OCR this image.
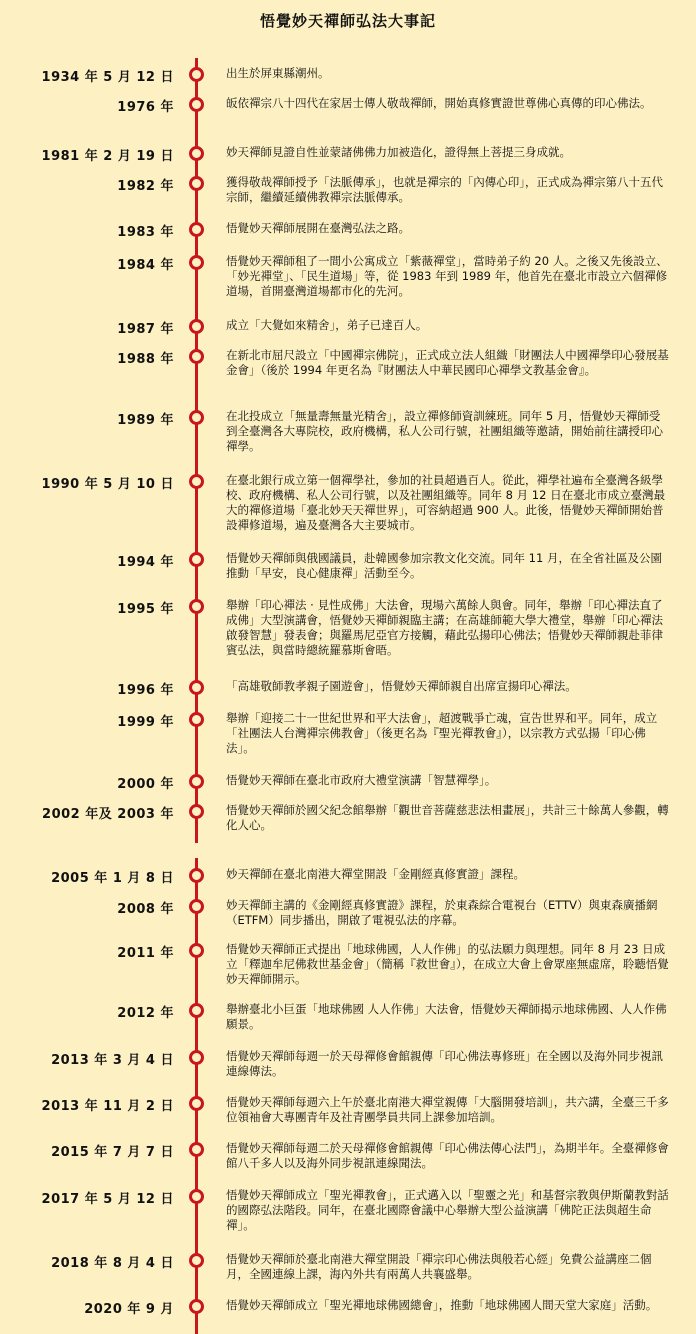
悟覺妙天禪師弘法大事記
1934 年 5 月 12 日	出生於屏東縣潮州。
1976 年	皈依禪宗八十四代在家居士傳人敬哉禪師，開始真修實證世尊佛心真傳的印心佛法。
1981 年 2 月 19 日	妙天禪師見證自性並蒙諸佛佛力加被造化，證得無上菩提三身成就。
1982 年	獲得敬哉禪師授予「法脈傳承」，也就是禪宗的「內傳心印」，正式成為禪宗第八十五代宗師，繼續延續佛教禪宗法脈傳承。
1983 年	悟覺妙天禪師展開在臺灣弘法之路。
1984 年	悟覺妙天禪師租了一間小公寓成立「紫薇禪堂」，當時弟子約 20 人。之後又先後設立、「妙光禪堂」、「民生道場」等，從 1983 年到 1989 年，他首先在臺北市設立六個禪修道場，首開臺灣道場都市化的先河。
1987 年	成立「大覺如來精舍」，弟子已達百人。
1988 年	在新北市屈尺設立「中國禪宗佛院」，正式成立法人組織「財團法人中國禪學印心發展基金會」（後於 1994 年更名為『財團法人中華民國印心禪學文教基金會』。
1989 年	在北投成立「無量壽無量光精舍」，設立禪修師資訓練班。同年 5 月，悟覺妙天禪師受到全臺灣各大專院校，政府機構，私人公司行號，社團組織等邀請，開始前往講授印心禪學。
1990 年 5 月 10 日	在臺北銀行成立第一個禪學社，參加的社員超過百人。從此，禪學社遍布全臺灣各級學校、政府機構、私人公司行號，以及社團組織等。同年 8 月 12 日在臺北市成立臺灣最大的禪修道場「臺北妙天天禪世界」，可容納超過 900 人。此後，悟覺妙天禪師開始普設禪修道場，遍及臺灣各大主要城市。
1994 年	悟覺妙天禪師與俄國議員，赴韓國參加宗教文化交流。同年 11 月，在全省社區及公園推動「早安，良心健康禪」活動至今。
1995 年	舉辦「印心禪法 · 見性成佛」大法會，現場六萬餘人與會。同年，舉辦「印心禪法直了成佛」大型演講會，悟覺妙天禪師親臨主講；在高雄師範大學大禮堂，舉辦「印心禪法　啟發智慧」發表會；與羅馬尼亞官方接觸，藉此弘揚印心佛法；悟覺妙天禪師親赴菲律賓弘法，與當時總統羅慕斯會晤。
1996 年	「高雄敬師教孝親子園遊會」，悟覺妙天禪師親自出席宣揚印心禪法。
1999 年	舉辦「迎接二十一世紀世界和平大法會」，超渡戰爭亡魂，宣告世界和平。同年，成立「社團法人台灣禪宗佛教會」（後更名為『聖光禪教會』），以宗教方式弘揚「印心佛法」。
2000 年	悟覺妙天禪師在臺北市政府大禮堂演講「智慧禪學」。
2002 年及 2003 年	悟覺妙天禪師於國父紀念館舉辦「觀世音菩薩慈悲法相畫展」，共計三十餘萬人參觀，轉化人心。
2005 年 1 月 8 日	妙天禪師在臺北南港大禪堂開設「金剛經真修實證」課程。
2008 年	妙天禪師主講的《金剛經真修實證》課程，於東森綜合電視台（ETTV）與東森廣播網（ETFM）同步播出，開啟了電視弘法的序幕。
2011 年	悟覺妙天禪師正式提出「地球佛國，人人作佛」的弘法願力與理想。同年 8 月 23 日成立「釋迦牟尼佛救世基金會」（簡稱『救世會』），在成立大會上會眾座無虛席，聆聽悟覺妙天禪師開示。
2012 年	舉辦臺北小巨蛋「地球佛國 人人作佛」大法會，悟覺妙天禪師揭示地球佛國、人人作佛願景。
2013 年 3 月 4 日	悟覺妙天禪師每週一於天母禪修會館親傳「印心佛法專修班」在全國以及海外同步視訊連線傳法。
2013 年 11 月 2 日	悟覺妙天禪師每週六上午於臺北南港大禪堂親傳「大腦開發培訓」，共六講，全臺三千多位領袖會大專團青年及社青團學員共同上課參加培訓。
2015 年 7 月 7 日	悟覺妙天禪師每週二於天母禪修會館親傳「印心佛法傳心法門」，為期半年。全臺禪修會館八千多人以及海外同步視訊連線聞法。
2017 年 5 月 12 日	悟覺妙天禪師成立「聖光禪教會」，正式邁入以「聖靈之光」和基督宗教與伊斯蘭教對話的國際弘法階段。同年，在臺北國際會議中心舉辦大型公益演講「佛陀正法與超生命禪」。
2018 年 8 月 4 日	悟覺妙天禪師於臺北南港大禪堂開設「禪宗印心佛法與般若心經」免費公益講座二個月，全國連線上課，海內外共有兩萬人共襄盛舉。
2020 年 9 月	悟覺妙天禪師成立「聖光禪地球佛國總會」，推動「地球佛國人間天堂大家庭」活動。
